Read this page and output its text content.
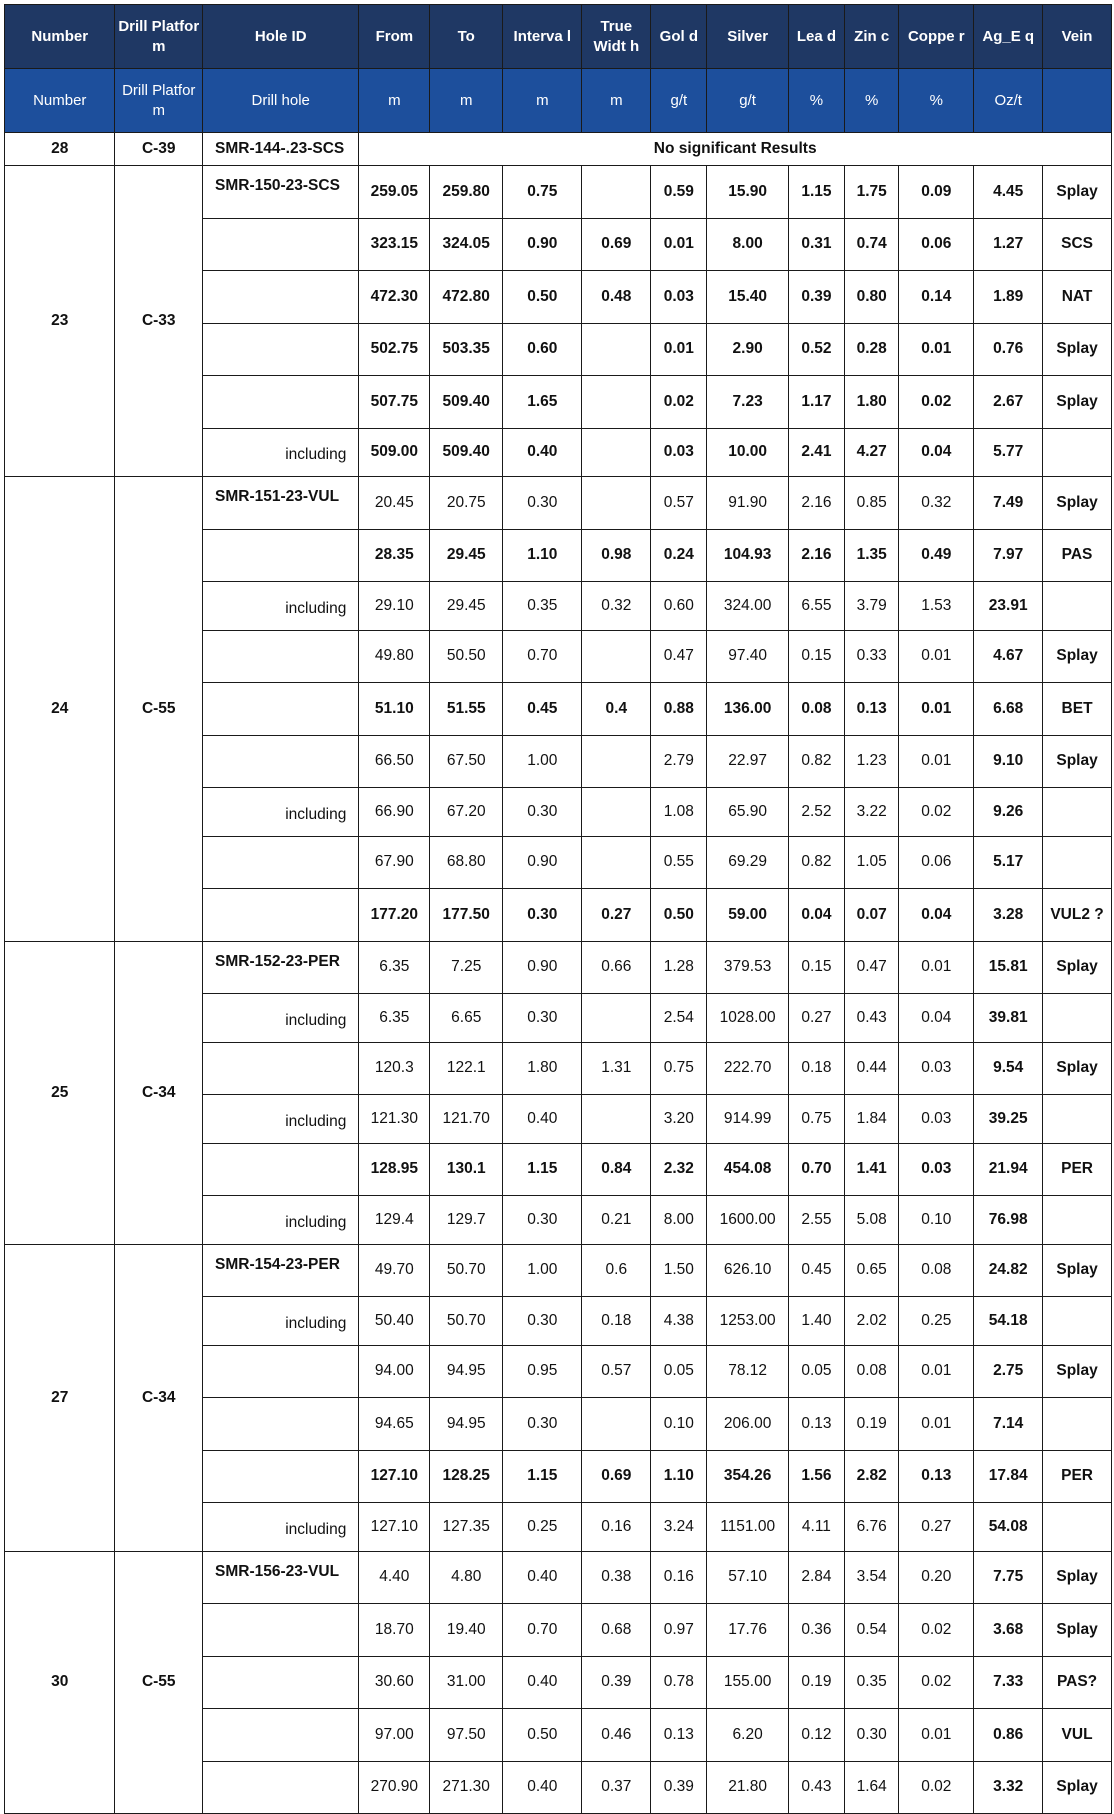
Number	Drill Platfor m	Hole ID	From	To	Interva l	True Widt h	Gol d	Silver	Lea d	Zin c	Coppe r	Ag_E q	Vein
Number	Drill Platfor m	Drill hole	m	m	m	m	g/t	g/t	%	%	%	Oz/t	
28	C-39	SMR-144-.23-SCS	No significant Results										
23	C-33	SMR-150-23-SCS	259.05	259.80	0.75		0.59	15.90	1.15	1.75	0.09	4.45	Splay
			323.15	324.05	0.90	0.69	0.01	8.00	0.31	0.74	0.06	1.27	SCS
			472.30	472.80	0.50	0.48	0.03	15.40	0.39	0.80	0.14	1.89	NAT
			502.75	503.35	0.60		0.01	2.90	0.52	0.28	0.01	0.76	Splay
			507.75	509.40	1.65		0.02	7.23	1.17	1.80	0.02	2.67	Splay
		including	509.00	509.40	0.40		0.03	10.00	2.41	4.27	0.04	5.77	
24	C-55	SMR-151-23-VUL	20.45	20.75	0.30		0.57	91.90	2.16	0.85	0.32	7.49	Splay
			28.35	29.45	1.10	0.98	0.24	104.93	2.16	1.35	0.49	7.97	PAS
		including	29.10	29.45	0.35	0.32	0.60	324.00	6.55	3.79	1.53	23.91	
			49.80	50.50	0.70		0.47	97.40	0.15	0.33	0.01	4.67	Splay
			51.10	51.55	0.45	0.4	0.88	136.00	0.08	0.13	0.01	6.68	BET
			66.50	67.50	1.00		2.79	22.97	0.82	1.23	0.01	9.10	Splay
		including	66.90	67.20	0.30		1.08	65.90	2.52	3.22	0.02	9.26	
			67.90	68.80	0.90		0.55	69.29	0.82	1.05	0.06	5.17	
			177.20	177.50	0.30	0.27	0.50	59.00	0.04	0.07	0.04	3.28	VUL2 ?
25	C-34	SMR-152-23-PER	6.35	7.25	0.90	0.66	1.28	379.53	0.15	0.47	0.01	15.81	Splay
		including	6.35	6.65	0.30		2.54	1028.00	0.27	0.43	0.04	39.81	
			120.3	122.1	1.80	1.31	0.75	222.70	0.18	0.44	0.03	9.54	Splay
		including	121.30	121.70	0.40		3.20	914.99	0.75	1.84	0.03	39.25	
			128.95	130.1	1.15	0.84	2.32	454.08	0.70	1.41	0.03	21.94	PER
		including	129.4	129.7	0.30	0.21	8.00	1600.00	2.55	5.08	0.10	76.98	
27	C-34	SMR-154-23-PER	49.70	50.70	1.00	0.6	1.50	626.10	0.45	0.65	0.08	24.82	Splay
		including	50.40	50.70	0.30	0.18	4.38	1253.00	1.40	2.02	0.25	54.18	
			94.00	94.95	0.95	0.57	0.05	78.12	0.05	0.08	0.01	2.75	Splay
			94.65	94.95	0.30		0.10	206.00	0.13	0.19	0.01	7.14	
			127.10	128.25	1.15	0.69	1.10	354.26	1.56	2.82	0.13	17.84	PER
		including	127.10	127.35	0.25	0.16	3.24	1151.00	4.11	6.76	0.27	54.08	
30	C-55	SMR-156-23-VUL	4.40	4.80	0.40	0.38	0.16	57.10	2.84	3.54	0.20	7.75	Splay
			18.70	19.40	0.70	0.68	0.97	17.76	0.36	0.54	0.02	3.68	Splay
			30.60	31.00	0.40	0.39	0.78	155.00	0.19	0.35	0.02	7.33	PAS?
			97.00	97.50	0.50	0.46	0.13	6.20	0.12	0.30	0.01	0.86	VUL
			270.90	271.30	0.40	0.37	0.39	21.80	0.43	1.64	0.02	3.32	Splay
